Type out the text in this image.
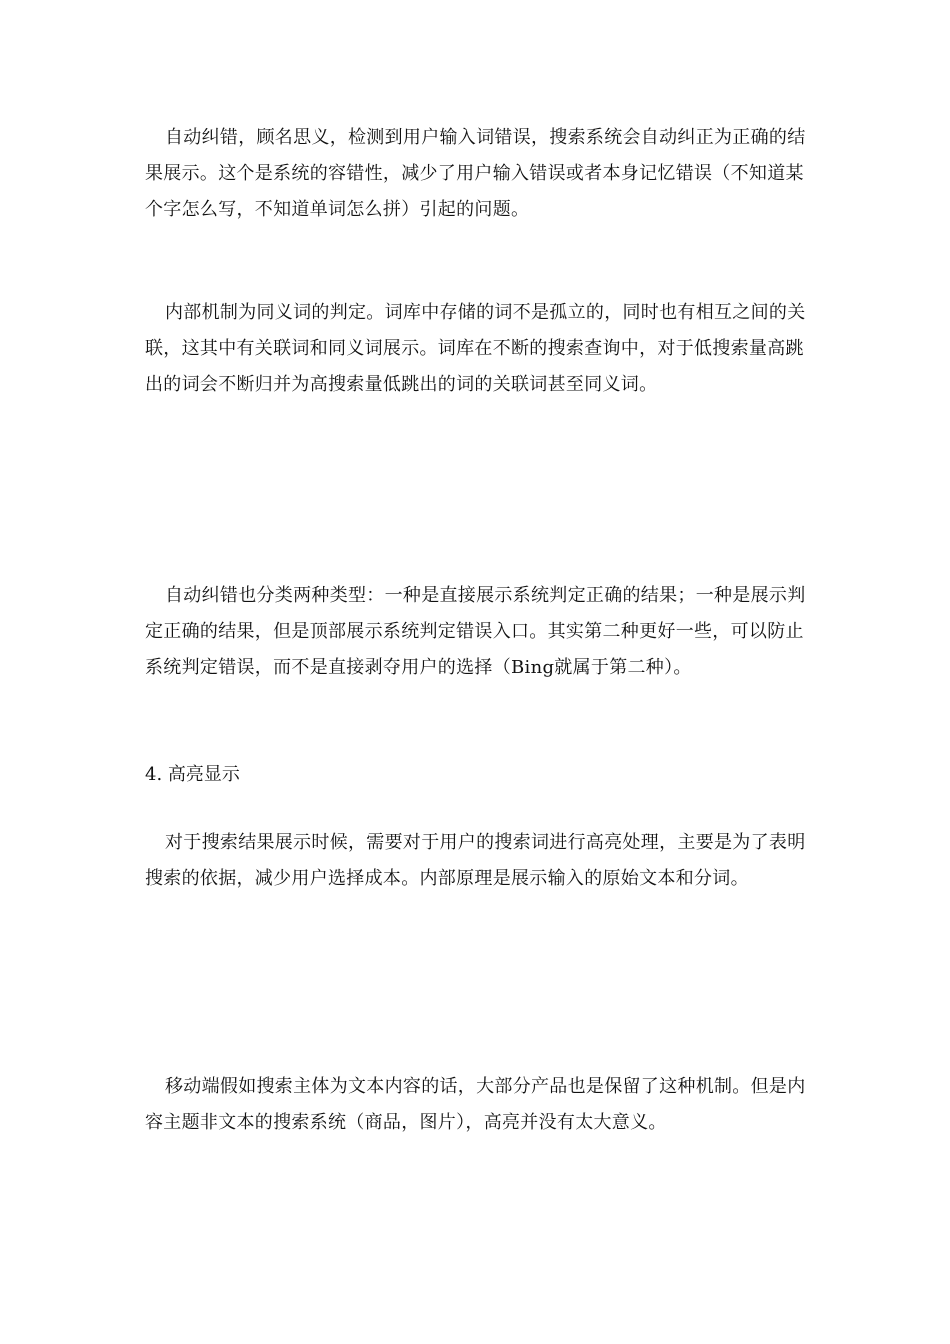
自动纠错，顾名思义，检测到用户输入词错误，搜索系统会自动纠正为正确的结果展示。这个是系统的容错性，减少了用户输入错误或者本身记忆错误（不知道某个字怎么写，不知道单词怎么拼）引起的问题。

内部机制为同义词的判定。词库中存储的词不是孤立的，同时也有相互之间的关联，这其中有关联词和同义词展示。词库在不断的搜索查询中，对于低搜索量高跳出的词会不断归并为高搜索量低跳出的词的关联词甚至同义词。

自动纠错也分类两种类型：一种是直接展示系统判定正确的结果；一种是展示判定正确的结果，但是顶部展示系统判定错误入口。其实第二种更好一些，可以防止系统判定错误，而不是直接剥夺用户的选择（Bing就属于第二种）。

4. 高亮显示

对于搜索结果展示时候，需要对于用户的搜索词进行高亮处理，主要是为了表明搜索的依据，减少用户选择成本。内部原理是展示输入的原始文本和分词。

移动端假如搜索主体为文本内容的话，大部分产品也是保留了这种机制。但是内容主题非文本的搜索系统（商品，图片），高亮并没有太大意义。
